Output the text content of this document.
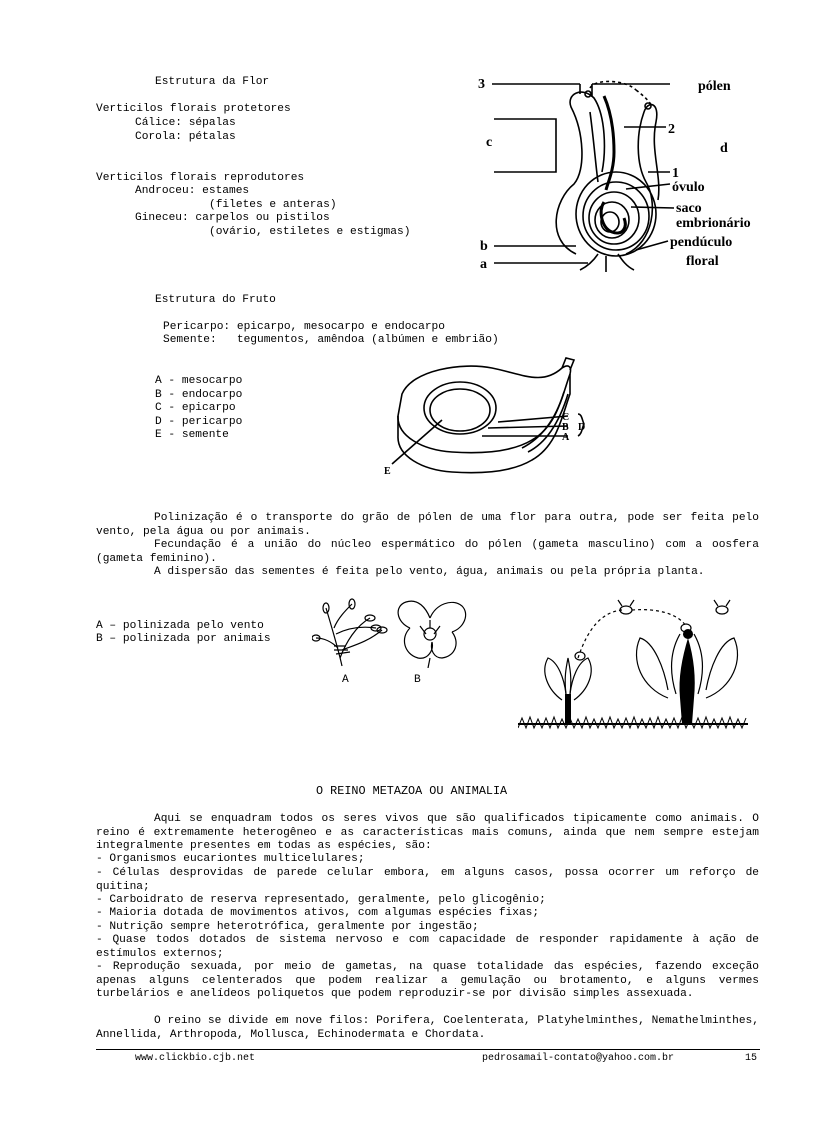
Estrutura da Flor
Verticilos florais protetores
Cálice: sépalas
Corola: pétalas
Verticilos florais reprodutores
Androceu: estames
(filetes e anteras)
Gineceu: carpelos ou pistilos
(ovário, estiletes e estigmas)
3	pólen
2
c	d
1
óvulo
saco
embrionário
pendúculo
floral
b
a
Estrutura do Fruto
Pericarpo: epicarpo, mesocarpo e endocarpo
Semente:   tegumentos, amêndoa (albúmen e embrião)
A - mesocarpo
B - endocarpo
C - epicarpo
D - pericarpo
E - semente
C
B
A
D
E
Polinização é o transporte do grão de pólen de uma flor para outra, pode ser feita pelo vento, pela água ou por animais.
Fecundação é a união do núcleo espermático do pólen (gameta masculino) com a oosfera (gameta feminino).
A dispersão das sementes é feita pelo vento, água, animais ou pela própria planta.
A – polinizada pelo vento
B – polinizada por animais
A	B
O REINO METAZOA OU ANIMALIA
Aqui se enquadram todos os seres vivos que são qualificados tipicamente como animais. O reino é extremamente heterogêneo e as características mais comuns, ainda que nem sempre estejam integralmente presentes em todas as espécies, são:
- Organismos eucariontes multicelulares;
- Células desprovidas de parede celular embora, em alguns casos, possa ocorrer um reforço de quitina;
- Carboidrato de reserva representado, geralmente, pelo glicogênio;
- Maioria dotada de movimentos ativos, com algumas espécies fixas;
- Nutrição sempre heterotrófica, geralmente por ingestão;
- Quase todos dotados de sistema nervoso e com capacidade de responder rapidamente à ação de estímulos externos;
- Reprodução sexuada, por meio de gametas, na quase totalidade das espécies, fazendo exceção apenas alguns celenterados que podem realizar a gemulação ou brotamento, e alguns vermes turbelários e anelídeos poliquetos que podem reproduzir-se por divisão simples assexuada.
O reino se divide em nove filos: Porifera, Coelenterata, Platyhelminthes, Nemathelminthes, Annellida, Arthropoda, Mollusca, Echinodermata e Chordata.
www.clickbio.cjb.net	pedrosamail-contato@yahoo.com.br	15
